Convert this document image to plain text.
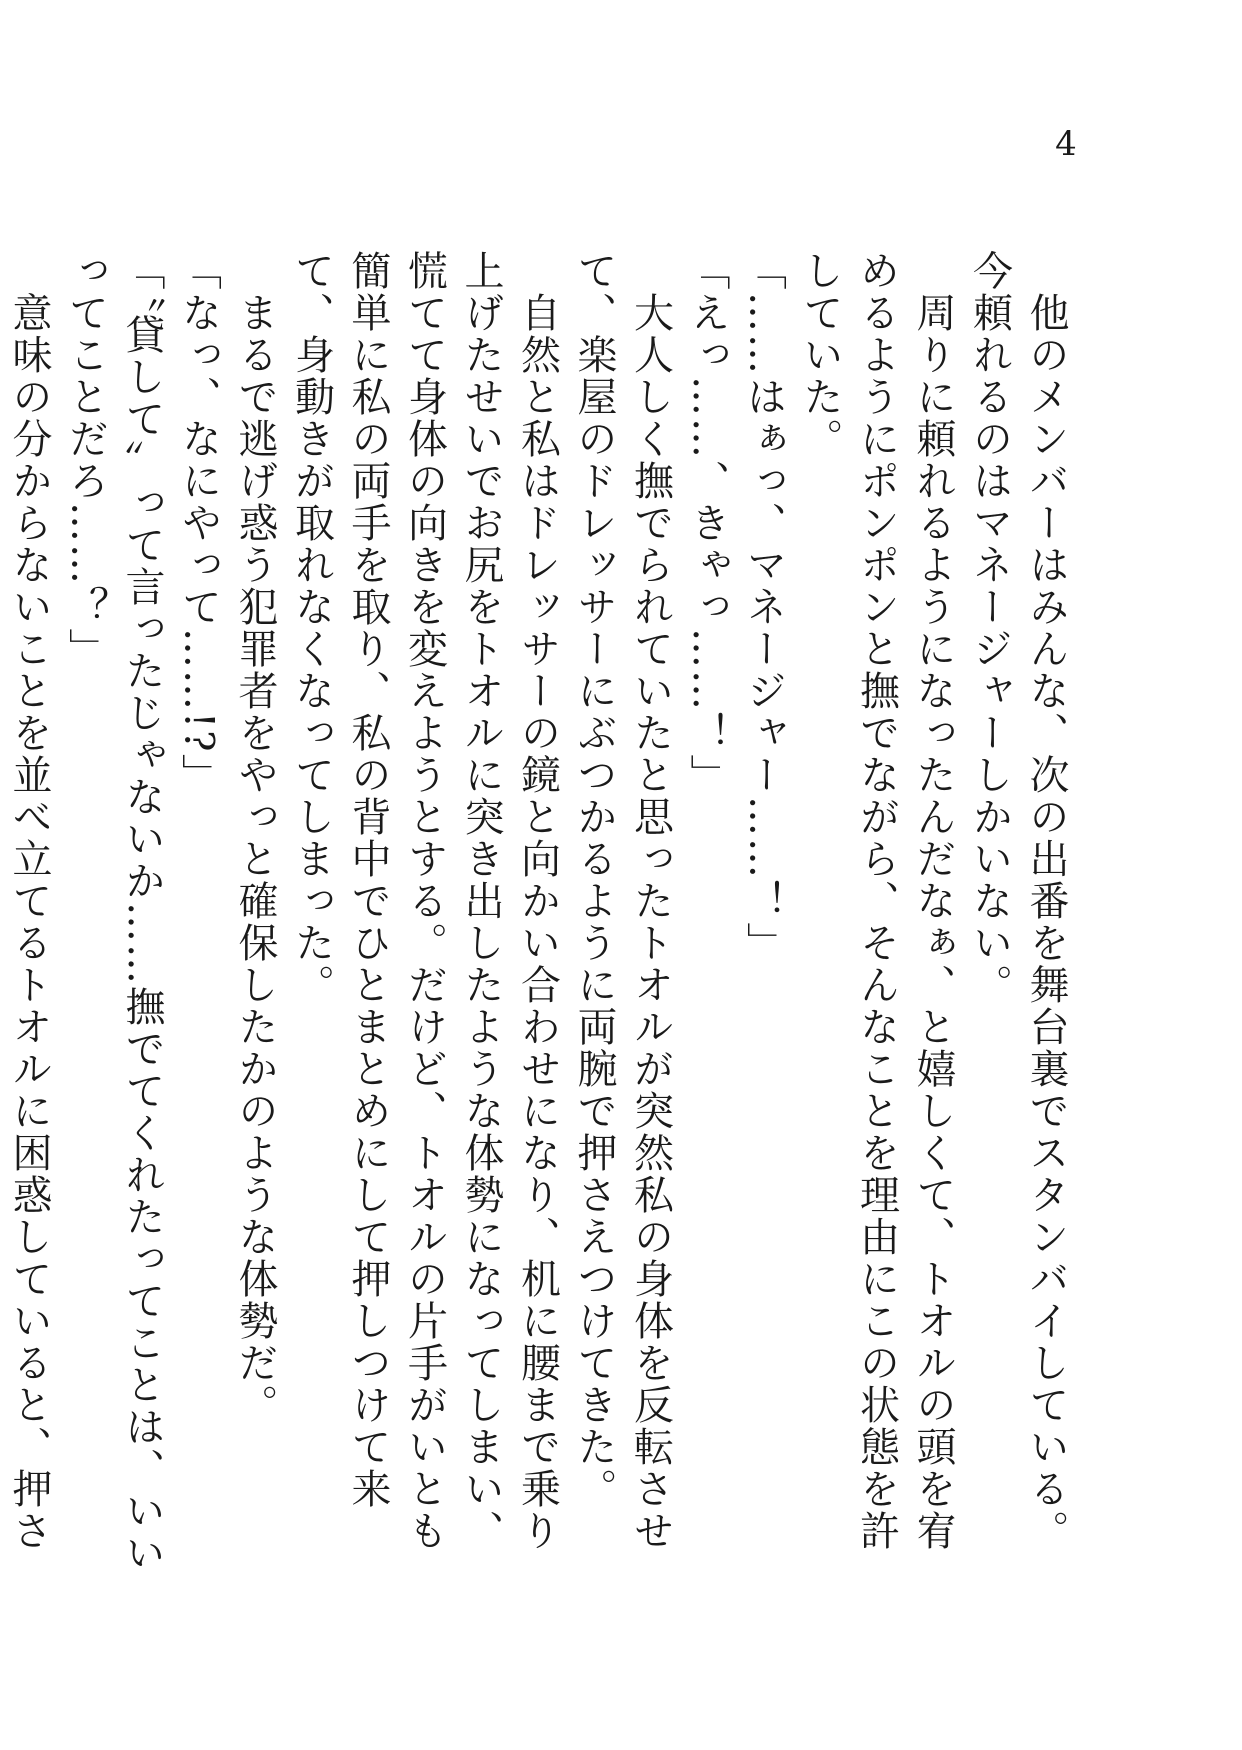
4

　他のメンバーはみんな、次の出番を舞台裏でスタンバイしている。今頼れるのはマネージャーしかいない。

　周りに頼れるようになったんだなぁ、と嬉しくて、トオルの頭を宥めるようにポンポンと撫でながら、そんなことを理由にこの状態を許していた。

「……はぁっ、マネージャー……！」

「えっ……、きゃっ……！」

　大人しく撫でられていたと思ったトオルが突然私の身体を反転させて、楽屋のドレッサーにぶつかるように両腕で押さえつけてきた。

　自然と私はドレッサーの鏡と向かい合わせになり、机に腰まで乗り上げたせいでお尻をトオルに突き出したような体勢になってしまい、慌てて身体の向きを変えようとする。だけど、トオルの片手がいとも簡単に私の両手を取り、私の背中でひとまとめにして押しつけて来て、身動きが取れなくなってしまった。

　まるで逃げ惑う犯罪者をやっと確保したかのような体勢だ。

「なっ、なにやって……!?」

「〝貸して〟って言ったじゃないか……撫でてくれたってことは、いいってことだろ……？」

　意味の分からないことを並べ立てるトオルに困惑していると、押さ
